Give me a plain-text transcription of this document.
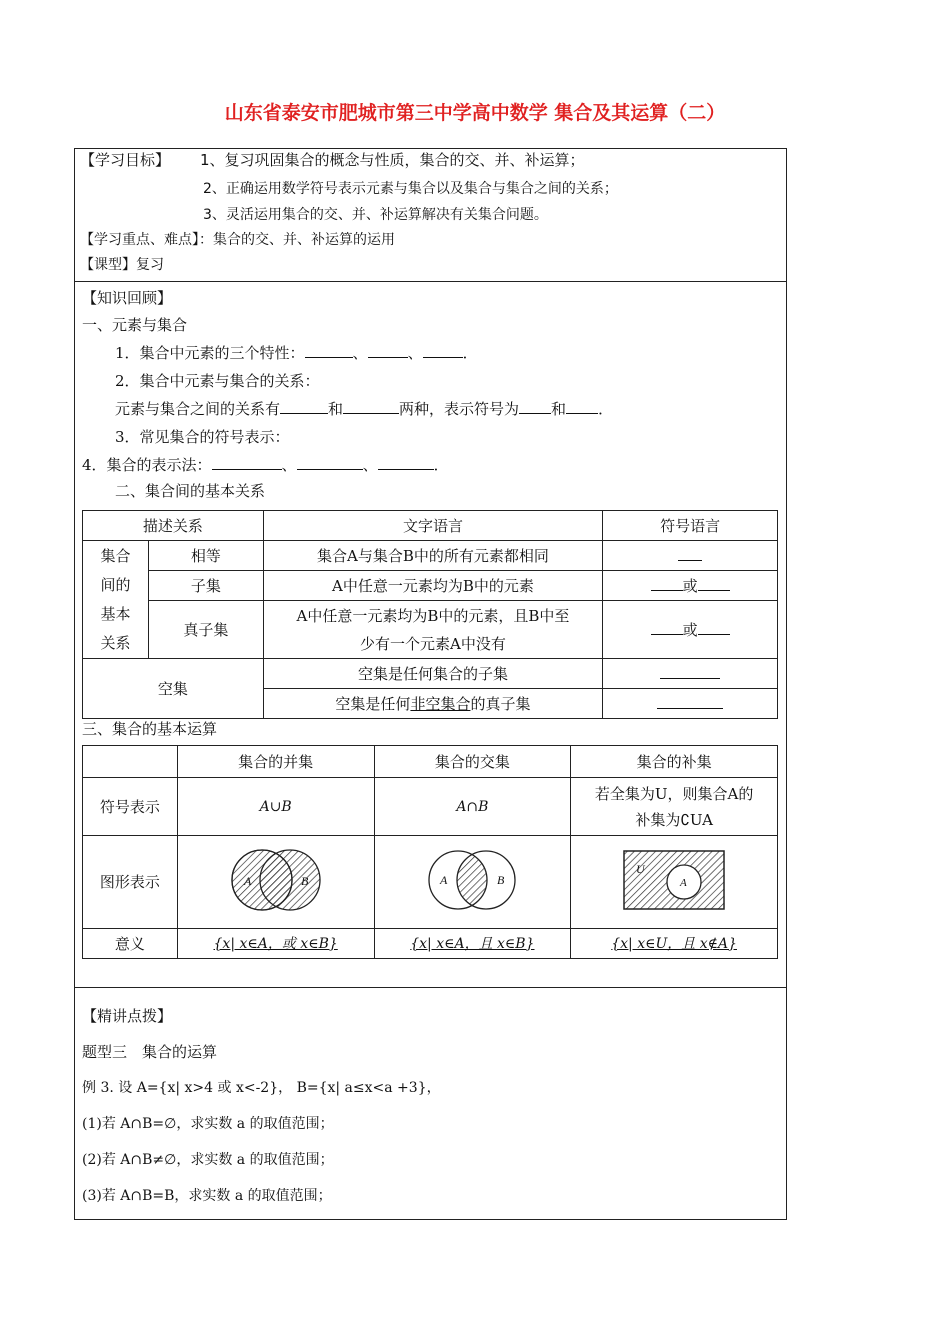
山东省泰安市肥城市第三中学高中数学 集合及其运算（二）
【学习目标】 1、复习巩固集合的概念与性质，集合的交、并、补运算；
2、正确运用数学符号表示元素与集合以及集合与集合之间的关系；
3、灵活运用集合的交、并、补运算解决有关集合问题。
【学习重点、难点】：集合的交、并、补运算的运用
【课型】复习
【知识回顾】
一、元素与集合
1．集合中元素的三个特性：	、	、	．
2．集合中元素与集合的关系：
元素与集合之间的关系有	和	两种，表示符号为 和 ．
3．常见集合的符号表示：
4．集合的表示法：	、	、	．
二、集合间的基本关系
描述关系		文字语言	符号语言

集合
间的
基本
关系	相等	集合A与集合B中的所有元素都相同	
	子集	A中任意一元素均为B中的元素	或
	真子集	A中任意一元素均为B中的元素，且B中至
少有一个元素A中没有	或
空集		空集是任何集合的子集	
		空集是任何非空集合的真子集	
三、集合的基本运算
	集合的并集	集合的交集	集合的补集
符号表示	A∪B	A∩B	若全集为U，则集合A的
补集为∁UA

图形表示	A B	A B	U
A

意义	{x| x∈A，或 x∈B}	{x| x∈A，且 x∈B}	{x| x∈U，且 x∉A}
【精讲点拨】
题型三　集合的运算
例 3. 设 A={x| x>4 或 x<-2}， B={x| a≤x<a +3}，
(1)若 A∩B=∅，求实数 a 的取值范围；
(2)若 A∩B≠∅，求实数 a 的取值范围；
(3)若 A∩B=B，求实数 a 的取值范围；
